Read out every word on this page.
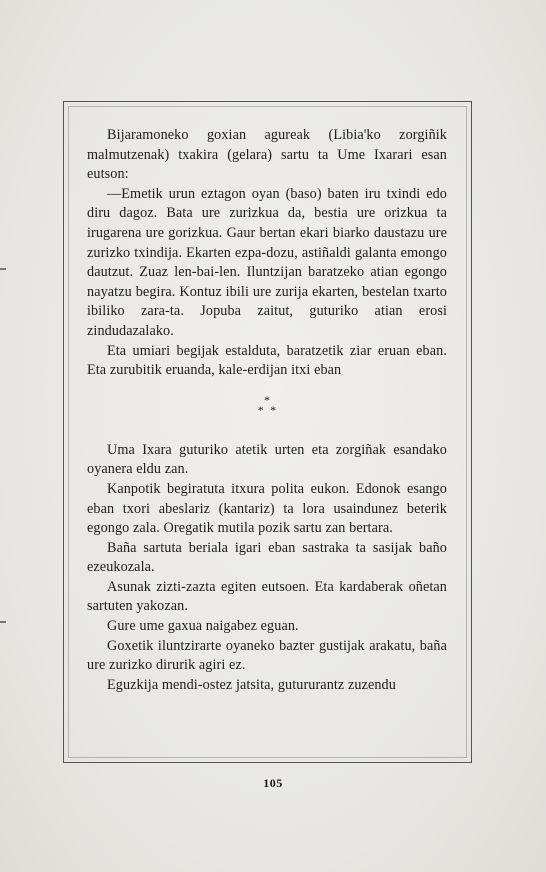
Bijaramoneko goxian agureak (Libia'ko zorgiñik malmutzenak) txakira (gelara) sartu ta Ume Ixarari esan eutson:

—Emetik urun eztagon oyan (baso) baten iru txindi edo diru dagoz. Bata ure zurizkua da, bestia ure orizkua ta irugarena ure gorizkua. Gaur bertan ekari biarko daustazu ure zurizko txindija. Ekarten ezpa-dozu, astiñaldi galanta emongo dautzut. Zuaz len-bai-len. Iluntzijan baratzeko atian egongo nayatzu begira. Kontuz ibili ure zurija ekarten, bestelan txarto ibiliko zara-ta. Jopuba zaitut, guturiko atian erosi zindudazalako.

Eta umiari begijak estalduta, baratzetik ziar eruan eban. Eta zurubitik eruanda, kale-erdijan itxi eban

*
*  *

Uma Ixara guturiko atetik urten eta zorgiñak esandako oyanera eldu zan.

Kanpotik begiratuta itxura polita eukon. Edonok esango eban txori abeslariz (kantariz) ta lora usaindunez beterik egongo zala. Oregatik mutila pozik sartu zan bertara.

Baña sartuta beriala igari eban sastraka ta sasijak baño ezeukozala.

Asunak zizti-zazta egiten eutsoen. Eta kardaberak oñetan sartuten yakozan.

Gure ume gaxua naigabez eguan.

Goxetik iluntzirarte oyaneko bazter gustijak arakatu, baña ure zurizko dirurik agiri ez.

Eguzkija mendi-ostez jatsita, gutururantz zuzendu

105
